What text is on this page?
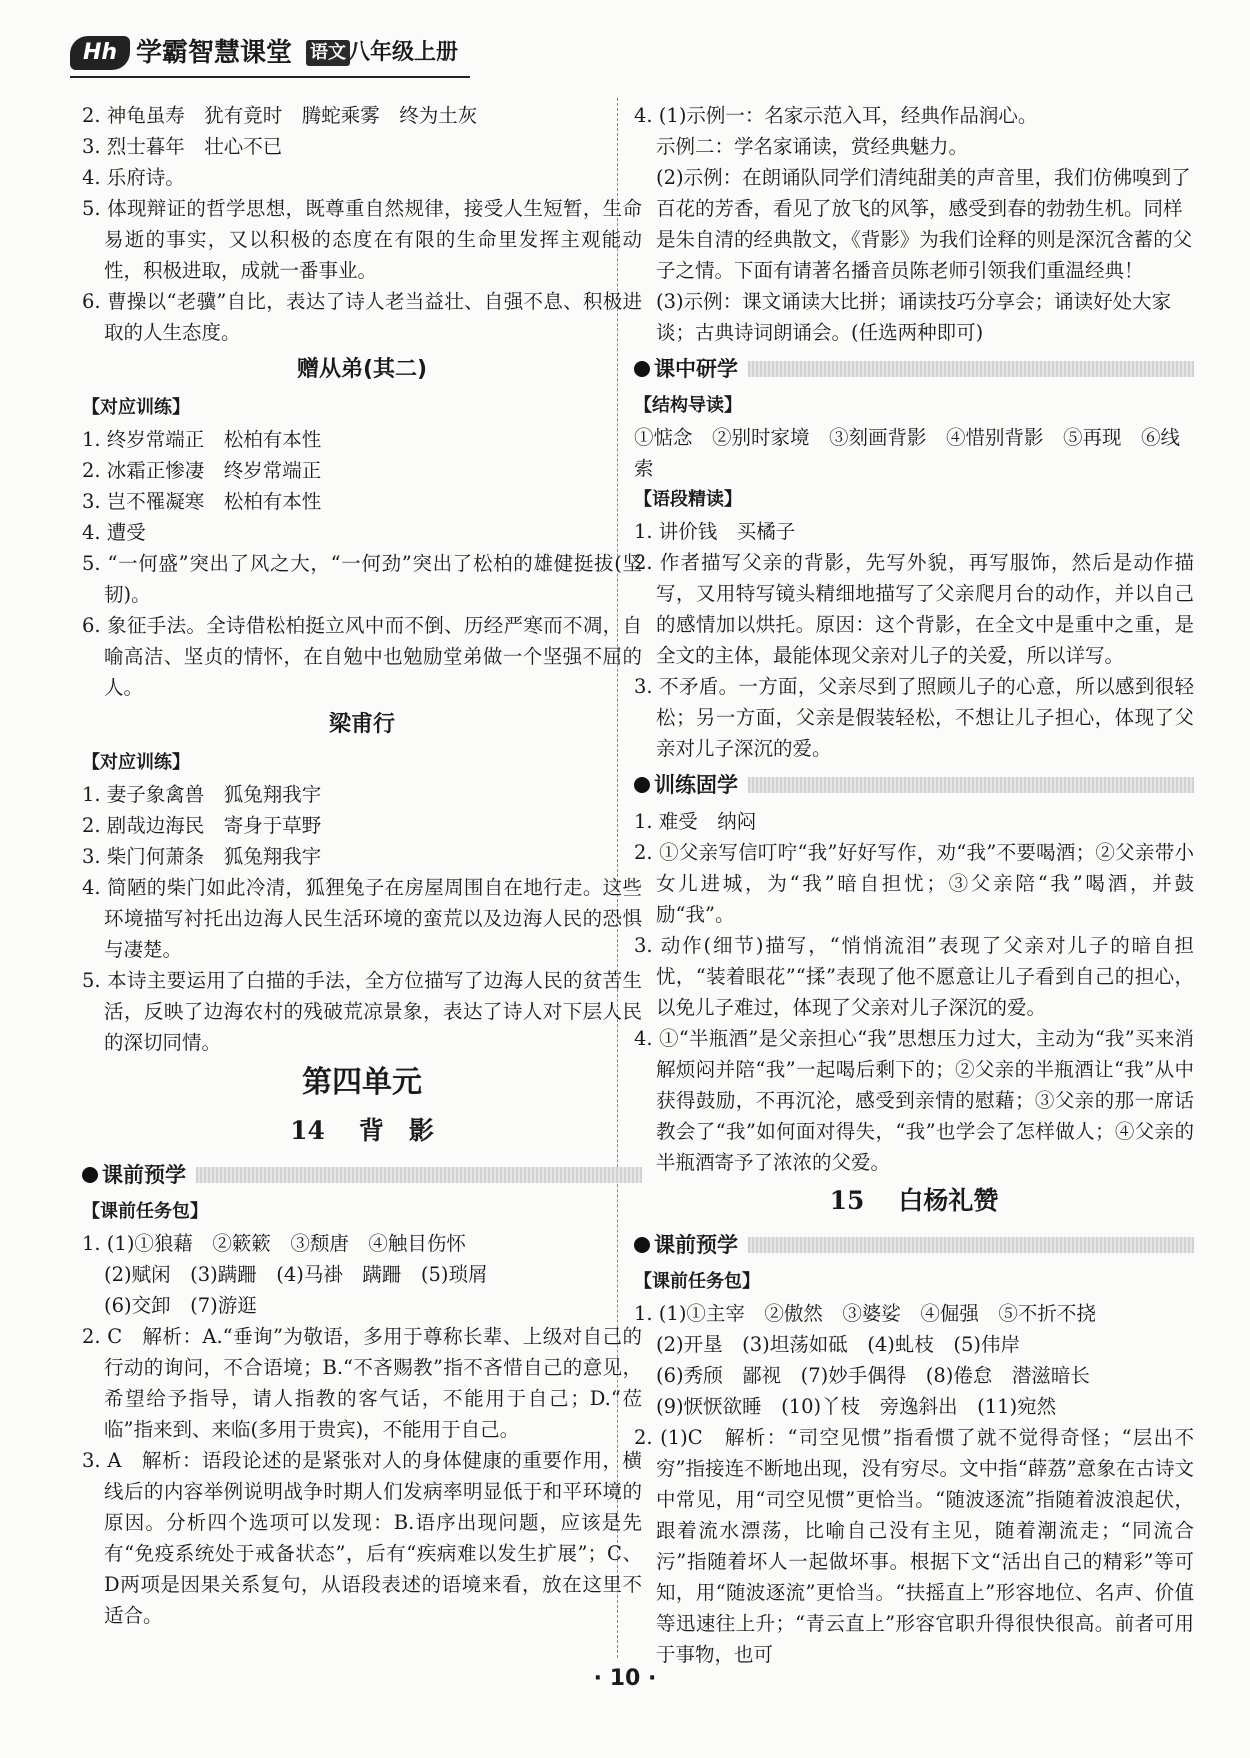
Hh 学霸智慧课堂 语文 八年级上册
2. 神龟虽寿　犹有竟时　腾蛇乘雾　终为土灰
3. 烈士暮年　壮心不已
4. 乐府诗。
5. 体现辩证的哲学思想，既尊重自然规律，接受人生短暂，生命易逝的事实，又以积极的态度在有限的生命里发挥主观能动性，积极进取，成就一番事业。
6. 曹操以“老骥”自比，表达了诗人老当益壮、自强不息、积极进取的人生态度。
赠从弟(其二)
【对应训练】
1. 终岁常端正　松柏有本性
2. 冰霜正惨凄　终岁常端正
3. 岂不罹凝寒　松柏有本性
4. 遭受
5. “一何盛”突出了风之大，“一何劲”突出了松柏的雄健挺拔(坚韧)。
6. 象征手法。全诗借松柏挺立风中而不倒、历经严寒而不凋，自喻高洁、坚贞的情怀，在自勉中也勉励堂弟做一个坚强不屈的人。
梁甫行
【对应训练】
1. 妻子象禽兽　狐兔翔我宇
2. 剧哉边海民　寄身于草野
3. 柴门何萧条　狐兔翔我宇
4. 简陋的柴门如此冷清，狐狸兔子在房屋周围自在地行走。这些环境描写衬托出边海人民生活环境的蛮荒以及边海人民的恐惧与凄楚。
5. 本诗主要运用了白描的手法，全方位描写了边海人民的贫苦生活，反映了边海农村的残破荒凉景象，表达了诗人对下层人民的深切同情。
第四单元
14 背　影
课前预学
【课前任务包】
1. (1)①狼藉　②簌簌　③颓唐　④触目伤怀
(2)赋闲　(3)蹒跚　(4)马褂　蹒跚　(5)琐屑
(6)交卸　(7)游逛
2. C　解析：A.“垂询”为敬语，多用于尊称长辈、上级对自己的行动的询问，不合语境；B.“不吝赐教”指不吝惜自己的意见，希望给予指导，请人指教的客气话，不能用于自己；D.“莅临”指来到、来临(多用于贵宾)，不能用于自己。
3. A　解析：语段论述的是紧张对人的身体健康的重要作用，横线后的内容举例说明战争时期人们发病率明显低于和平环境的原因。分析四个选项可以发现：B.语序出现问题，应该是先有“免疫系统处于戒备状态”，后有“疾病难以发生扩展”；C、D两项是因果关系复句，从语段表述的语境来看，放在这里不适合。
4. (1)示例一：名家示范入耳，经典作品润心。
示例二：学名家诵读，赏经典魅力。
(2)示例：在朗诵队同学们清纯甜美的声音里，我们仿佛嗅到了百花的芳香，看见了放飞的风筝，感受到春的勃勃生机。同样是朱自清的经典散文，《背影》为我们诠释的则是深沉含蓄的父子之情。下面有请著名播音员陈老师引领我们重温经典！
(3)示例：课文诵读大比拼；诵读技巧分享会；诵读好处大家谈；古典诗词朗诵会。(任选两种即可)
课中研学
【结构导读】
①惦念　②别时家境　③刻画背影　④惜别背影　⑤再现　⑥线索
【语段精读】
1. 讲价钱　买橘子
2. 作者描写父亲的背影，先写外貌，再写服饰，然后是动作描写，又用特写镜头精细地描写了父亲爬月台的动作，并以自己的感情加以烘托。原因：这个背影，在全文中是重中之重，是全文的主体，最能体现父亲对儿子的关爱，所以详写。
3. 不矛盾。一方面，父亲尽到了照顾儿子的心意，所以感到很轻松；另一方面，父亲是假装轻松，不想让儿子担心，体现了父亲对儿子深沉的爱。
训练固学
1. 难受　纳闷
2. ①父亲写信叮咛“我”好好写作，劝“我”不要喝酒；②父亲带小女儿进城，为“我”暗自担忧；③父亲陪“我”喝酒，并鼓励“我”。
3. 动作(细节)描写，“悄悄流泪”表现了父亲对儿子的暗自担忧，“装着眼花”“揉”表现了他不愿意让儿子看到自己的担心，以免儿子难过，体现了父亲对儿子深沉的爱。
4. ①“半瓶酒”是父亲担心“我”思想压力过大，主动为“我”买来消解烦闷并陪“我”一起喝后剩下的；②父亲的半瓶酒让“我”从中获得鼓励，不再沉沦，感受到亲情的慰藉；③父亲的那一席话教会了“我”如何面对得失，“我”也学会了怎样做人；④父亲的半瓶酒寄予了浓浓的父爱。
15 白杨礼赞
课前预学
【课前任务包】
1. (1)①主宰　②傲然　③婆娑　④倔强　⑤不折不挠
(2)开垦　(3)坦荡如砥　(4)虬枝　(5)伟岸
(6)秀颀　鄙视　(7)妙手偶得　(8)倦怠　潜滋暗长
(9)恹恹欲睡　(10)丫枝　旁逸斜出　(11)宛然
2. (1)C　解析：“司空见惯”指看惯了就不觉得奇怪；“层出不穷”指接连不断地出现，没有穷尽。文中指“薜荔”意象在古诗文中常见，用“司空见惯”更恰当。“随波逐流”指随着波浪起伏，跟着流水漂荡，比喻自己没有主见，随着潮流走；“同流合污”指随着坏人一起做坏事。根据下文“活出自己的精彩”等可知，用“随波逐流”更恰当。“扶摇直上”形容地位、名声、价值等迅速往上升；“青云直上”形容官职升得很快很高。前者可用于事物，也可
· 10 ·
